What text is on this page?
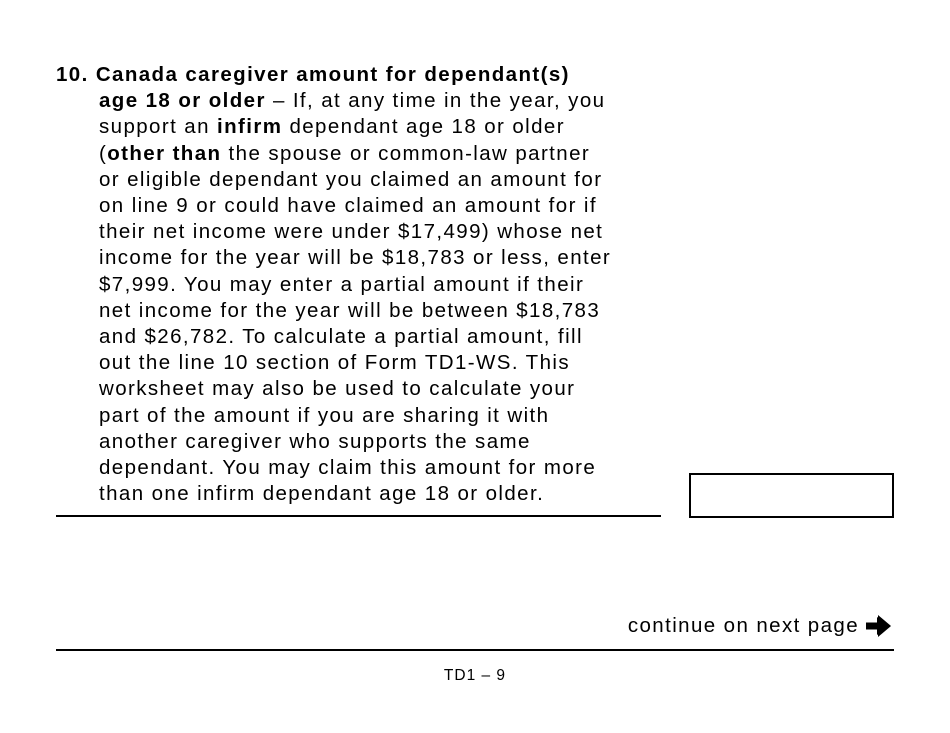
10. Canada caregiver amount for dependant(s)
age 18 or older – If, at any time in the year, you
support an infirm dependant age 18 or older
(other than the spouse or common-law partner
or eligible dependant you claimed an amount for
on line 9 or could have claimed an amount for if
their net income were under $17,499) whose net
income for the year will be $18,783 or less, enter
$7,999. You may enter a partial amount if their
net income for the year will be between $18,783
and $26,782. To calculate a partial amount, fill
out the line 10 section of Form TD1-WS. This
worksheet may also be used to calculate your
part of the amount if you are sharing it with
another caregiver who supports the same
dependant. You may claim this amount for more
than one infirm dependant age 18 or older.
continue on next page
TD1 – 9
